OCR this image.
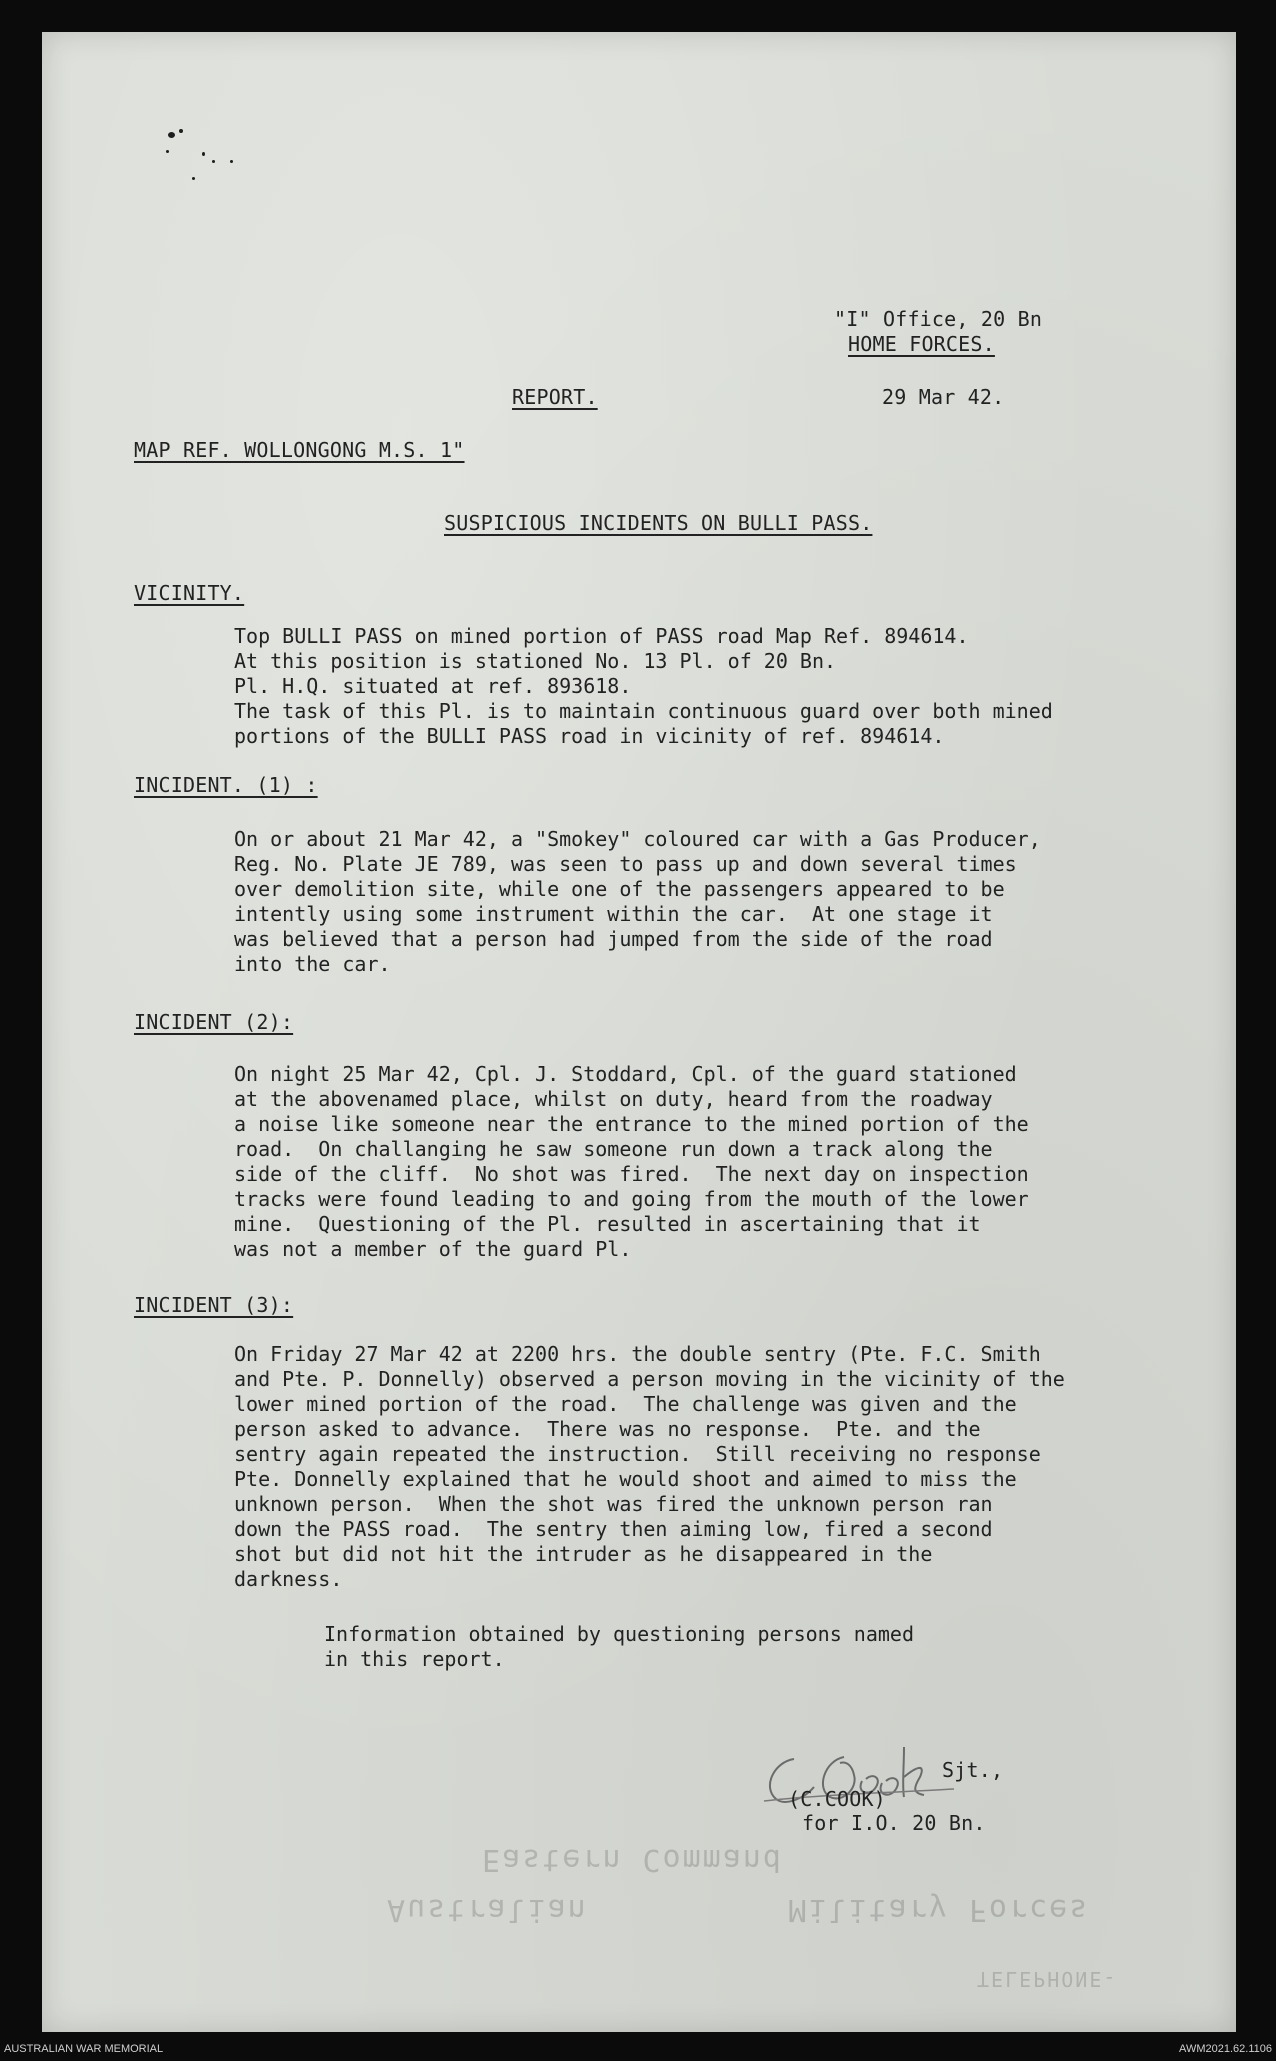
"I" Office, 20 Bn
HOME FORCES.
REPORT.	29 Mar 42.
MAP REF. WOLLONGONG M.S. 1"
SUSPICIOUS INCIDENTS ON BULLI PASS.
VICINITY.
Top BULLI PASS on mined portion of PASS road Map Ref. 894614.
At this position is stationed No. 13 Pl. of 20 Bn.
Pl. H.Q. situated at ref. 893618.
The task of this Pl. is to maintain continuous guard over both mined
portions of the BULLI PASS road in vicinity of ref. 894614.
INCIDENT. (1) :
On or about 21 Mar 42, a "Smokey" coloured car with a Gas Producer,
Reg. No. Plate JE 789, was seen to pass up and down several times
over demolition site, while one of the passengers appeared to be
intently using some instrument within the car.  At one stage it
was believed that a person had jumped from the side of the road
into the car.
INCIDENT (2):
On night 25 Mar 42, Cpl. J. Stoddard, Cpl. of the guard stationed
at the abovenamed place, whilst on duty, heard from the roadway
a noise like someone near the entrance to the mined portion of the
road.  On challanging he saw someone run down a track along the
side of the cliff.  No shot was fired.  The next day on inspection
tracks were found leading to and going from the mouth of the lower
mine.  Questioning of the Pl. resulted in ascertaining that it
was not a member of the guard Pl.
INCIDENT (3):
On Friday 27 Mar 42 at 2200 hrs. the double sentry (Pte. F.C. Smith
and Pte. P. Donnelly) observed a person moving in the vicinity of the
lower mined portion of the road.  The challenge was given and the
person asked to advance.  There was no response.  Pte. and the
sentry again repeated the instruction.  Still receiving no response
Pte. Donnelly explained that he would shoot and aimed to miss the
unknown person.  When the shot was fired the unknown person ran
down the PASS road.  The sentry then aiming low, fired a second
shot but did not hit the intruder as he disappeared in the
darkness.
Information obtained by questioning persons named
in this report.
Eastern Command
Australian          Military Forces
TELEPHONE-
Sjt.,
(C.COOK)
for I.O. 20 Bn.
AUSTRALIAN WAR MEMORIAL	AWM2021.62.1106
